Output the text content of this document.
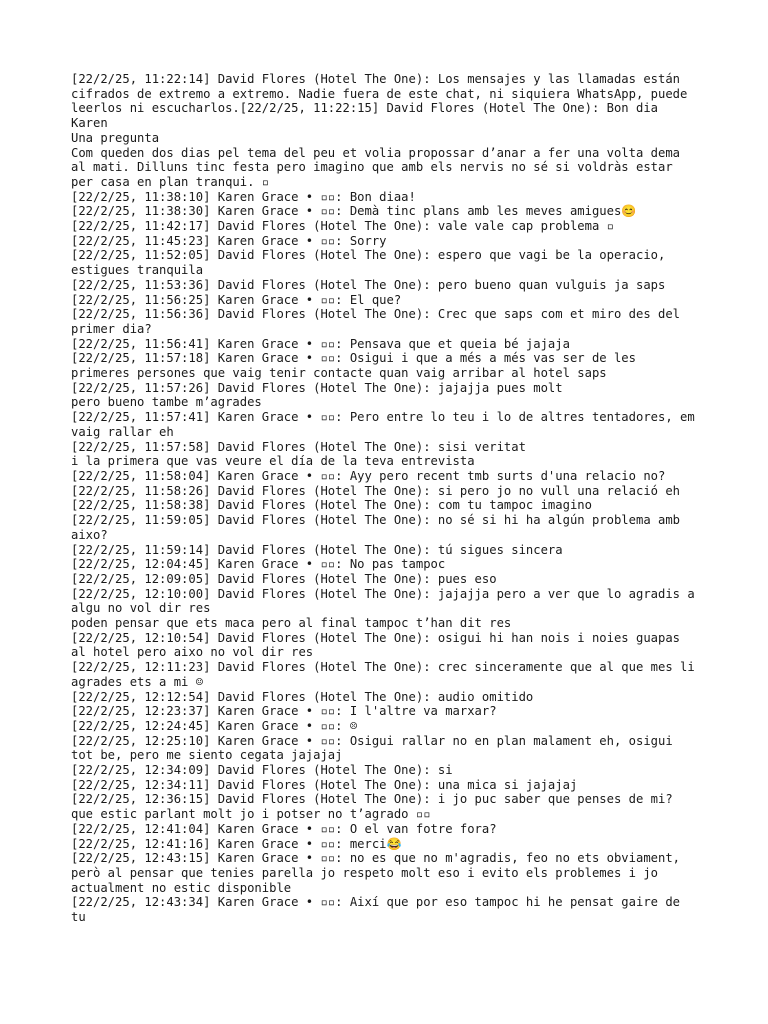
[22/2/25, 11:22:14] David Flores (Hotel The One): Los mensajes y las llamadas están cifrados de extremo a extremo. Nadie fuera de este chat, ni siquiera WhatsApp, puede leerlos ni escucharlos.[22/2/25, 11:22:15] David Flores (Hotel The One): Bon dia Karen

Una pregunta

Com queden dos dias pel tema del peu et volia propossar d’anar a fer una volta dema al mati. Dilluns tinc festa pero imagino que amb els nervis no sé si voldràs estar per casa en plan tranqui. ▫

[22/2/25, 11:38:10] Karen Grace • ▫▫: Bon diaa!

[22/2/25, 11:38:30] Karen Grace • ▫▫: Demà tinc plans amb les meves amigues😊

[22/2/25, 11:42:17] David Flores (Hotel The One): vale vale cap problema ▫

[22/2/25, 11:45:23] Karen Grace • ▫▫: Sorry

[22/2/25, 11:52:05] David Flores (Hotel The One): espero que vagi be la operacio, estigues tranquila

[22/2/25, 11:53:36] David Flores (Hotel The One): pero bueno quan vulguis ja saps

[22/2/25, 11:56:25] Karen Grace • ▫▫: El que?

[22/2/25, 11:56:36] David Flores (Hotel The One): Crec que saps com et miro des del primer dia?

[22/2/25, 11:56:41] Karen Grace • ▫▫: Pensava que et queia bé jajaja

[22/2/25, 11:57:18] Karen Grace • ▫▫: Osigui i que a més a més vas ser de les primeres persones que vaig tenir contacte quan vaig arribar al hotel saps

[22/2/25, 11:57:26] David Flores (Hotel The One): jajajja pues molt

pero bueno tambe m’agrades

[22/2/25, 11:57:41] Karen Grace • ▫▫: Pero entre lo teu i lo de altres tentadores, em vaig rallar eh

[22/2/25, 11:57:58] David Flores (Hotel The One): sisi veritat

i la primera que vas veure el día de la teva entrevista

[22/2/25, 11:58:04] Karen Grace • ▫▫: Ayy pero recent tmb surts d'una relacio no?

[22/2/25, 11:58:26] David Flores (Hotel The One): si pero jo no vull una relació eh

[22/2/25, 11:58:38] David Flores (Hotel The One): com tu tampoc imagino

[22/2/25, 11:59:05] David Flores (Hotel The One): no sé si hi ha algún problema amb aixo?

[22/2/25, 11:59:14] David Flores (Hotel The One): tú sigues sincera

[22/2/25, 12:04:45] Karen Grace • ▫▫: No pas tampoc

[22/2/25, 12:09:05] David Flores (Hotel The One): pues eso

[22/2/25, 12:10:00] David Flores (Hotel The One): jajajja pero a ver que lo agradis a algu no vol dir res

poden pensar que ets maca pero al final tampoc t’han dit res

[22/2/25, 12:10:54] David Flores (Hotel The One): osigui hi han nois i noies guapas al hotel pero aixo no vol dir res

[22/2/25, 12:11:23] David Flores (Hotel The One): crec sinceramente que al que mes li agrades ets a mi ☺

[22/2/25, 12:12:54] David Flores (Hotel The One): audio omitido

[22/2/25, 12:23:37] Karen Grace • ▫▫: I l'altre va marxar?

[22/2/25, 12:24:45] Karen Grace • ▫▫: ☹

[22/2/25, 12:25:10] Karen Grace • ▫▫: Osigui rallar no en plan malament eh, osigui tot be, pero me siento cegata jajajaj

[22/2/25, 12:34:09] David Flores (Hotel The One): si

[22/2/25, 12:34:11] David Flores (Hotel The One): una mica si jajajaj

[22/2/25, 12:36:15] David Flores (Hotel The One): i jo puc saber que penses de mi? que estic parlant molt jo i potser no t’agrado ▫▫

[22/2/25, 12:41:04] Karen Grace • ▫▫: O el van fotre fora?

[22/2/25, 12:41:16] Karen Grace • ▫▫: merci😂

[22/2/25, 12:43:15] Karen Grace • ▫▫: no es que no m'agradis, feo no ets obviament, però al pensar que tenies parella jo respeto molt eso i evito els problemes i jo actualment no estic disponible

[22/2/25, 12:43:34] Karen Grace • ▫▫: Així que por eso tampoc hi he pensat gaire de tu
